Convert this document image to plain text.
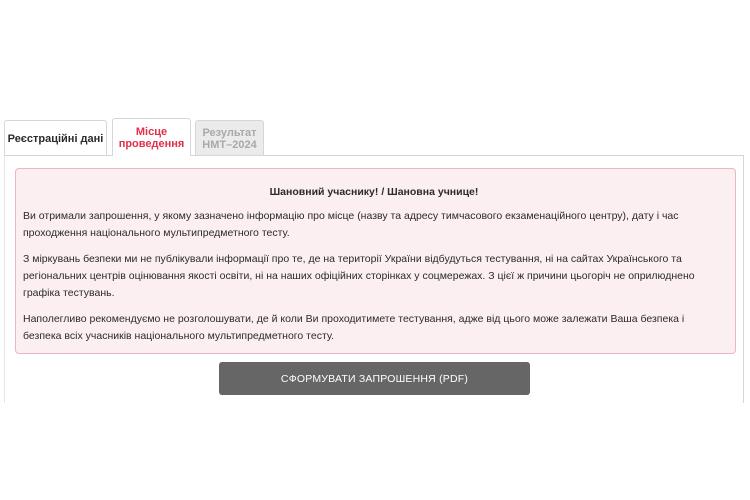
Реєстраційні дані
Місце проведення
Результат НМТ–2024
Шановний учаснику! / Шановна учнице!

Ви отримали запрошення, у якому зазначено інформацію про місце (назву та адресу тимчасового екзаменаційного центру), дату і час проходження національного мультипредметного тесту.

З міркувань безпеки ми не публікували інформації про те, де на території України відбудуться тестування, ні на сайтах Українського та регіональних центрів оцінювання якості освіти, ні на наших офіційних сторінках у соцмережах. З цієї ж причини цьогоріч не оприлюднено графіка тестувань.

Наполегливо рекомендуємо не розголошувати, де й коли Ви проходитимете тестування, адже від цього може залежати Ваша безпека і безпека всіх учасників національного мультипредметного тесту.

СФОРМУВАТИ ЗАПРОШЕННЯ (PDF)
